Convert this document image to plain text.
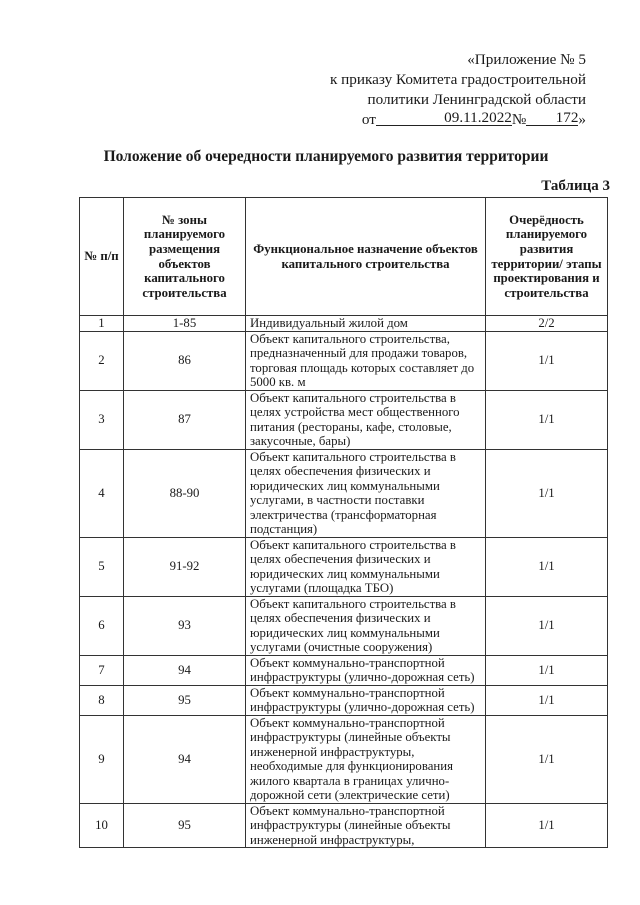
«Приложение № 5
к приказу Комитета градостроительной
политики Ленинградской области
от	09.11.2022№ 172»
Положение об очередности планируемого развития территории
Таблица 3
№ п/п	№ зоны планируемого размещения объектов капитального строительства	Функциональное назначение объектов капитального строительства	Очерёдность планируемого развития территории/ этапы проектирования и строительства
1	1-85	Индивидуальный жилой дом	2/2
2	86	Объект капитального строительства, предназначенный для продажи товаров, торговая площадь которых составляет до 5000 кв. м	1/1
3	87	Объект капитального строительства в целях устройства мест общественного питания (рестораны, кафе, столовые, закусочные, бары)	1/1
4	88-90	Объект капитального строительства в целях обеспечения физических и юридических лиц коммунальными услугами, в частности поставки электричества (трансформаторная подстанция)	1/1
5	91-92	Объект капитального строительства в целях обеспечения физических и юридических лиц коммунальными услугами (площадка ТБО)	1/1
6	93	Объект капитального строительства в целях обеспечения физических и юридических лиц коммунальными услугами (очистные сооружения)	1/1
7	94	Объект коммунально-транспортной инфраструктуры (улично-дорожная сеть)	1/1
8	95	Объект коммунально-транспортной инфраструктуры (улично-дорожная сеть)	1/1
9	94	Объект коммунально-транспортной инфраструктуры (линейные объекты инженерной инфраструктуры, необходимые для функционирования жилого квартала в границах улично-дорожной сети (электрические сети)	1/1
10	95	Объект коммунально-транспортной инфраструктуры (линейные объекты инженерной инфраструктуры,	1/1
